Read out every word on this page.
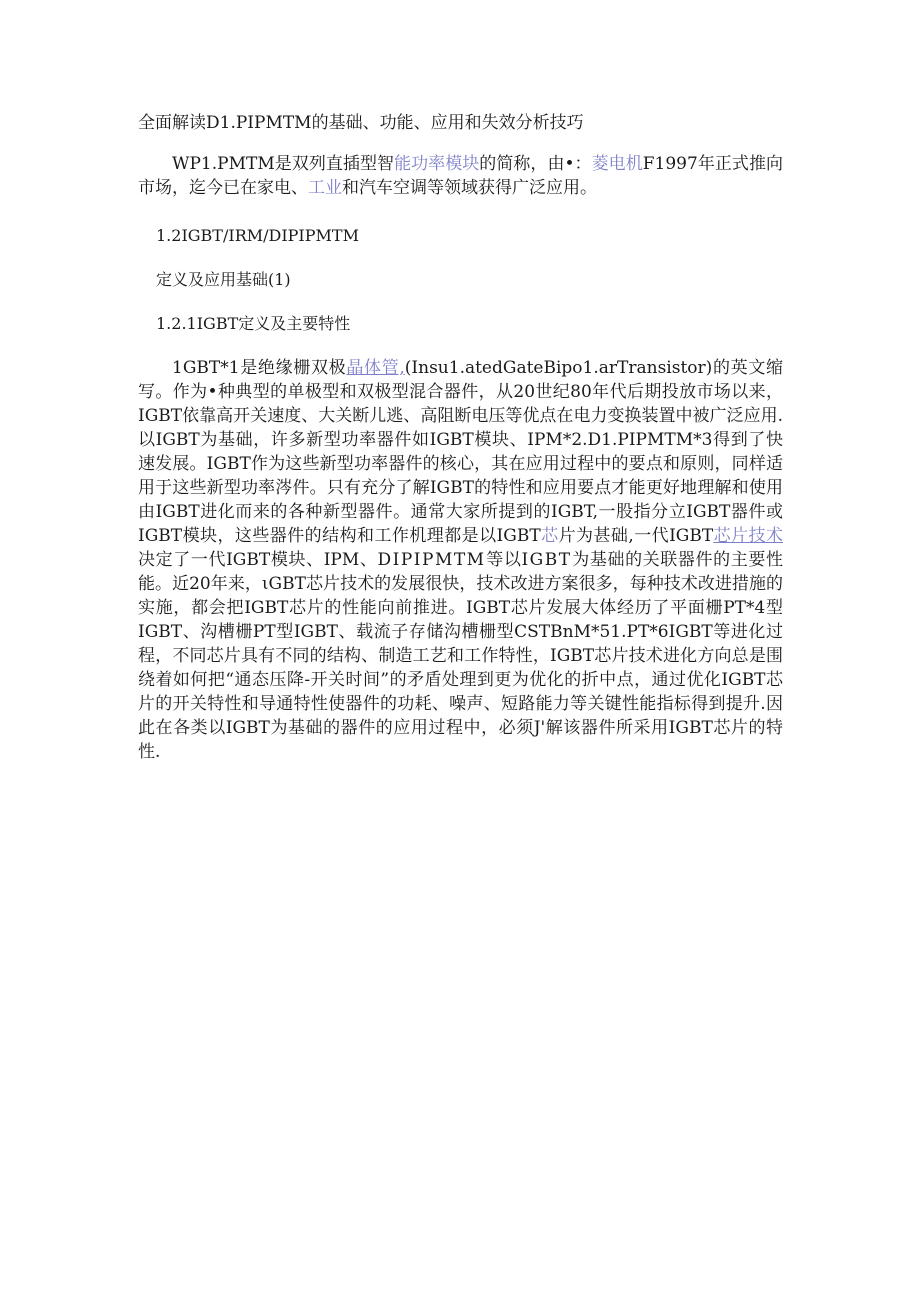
全面解读D1.PIPMTM的基础、功能、应用和失效分析技巧

WP1.PMTM是双列直插型智能功率模块的简称，由•：菱电机F1997年正式推向市场，迄今已在家电、工业和汽车空调等领域获得广泛应用。

1.2IGBT/IRM/DIPIPMTM
定义及应用基础(1)
1.2.1IGBT定义及主要特性

1GBT*1是绝缘栅双极晶体管,(Insu1.atedGateBipo1.arTransistor)的英文缩写。作为•种典型的单极型和双极型混合器件，从20世纪80年代后期投放市场以来，IGBT依靠高开关速度、大关断儿逃、高阻断电压等优点在电力变换装置中被广泛应用.以IGBT为基础，许多新型功率器件如IGBT模块、IPM*2.D1.PIPMTM*3得到了快速发展。IGBT作为这些新型功率器件的核心，其在应用过程中的要点和原则，同样适用于这些新型功率涔件。只有充分了解IGBT的特性和应用要点才能更好地理解和使用由IGBT进化而来的各种新型器件。通常大家所提到的IGBT,一股指分立IGBT器件或IGBT模块，这些器件的结构和工作机理都是以IGBT芯片为甚础,一代IGBT芯片技术决定了一代IGBT模块、IPM、DIPIPMTM等以IGBT为基础的关联器件的主要性能。近20年来，ιGBT芯片技术的发展很快，技术改进方案很多，每种技术改进措施的实施，都会把IGBT芯片的性能向前推进。IGBT芯片发展大体经历了平面栅PT*4型IGBT、沟槽栅PT型IGBT、载流子存储沟槽栅型CSTBnM*51.PT*6IGBT等进化过程，不同芯片具有不同的结构、制造工艺和工作特性，IGBT芯片技术进化方向总是围绕着如何把“通态压降-开关时间”的矛盾处理到更为优化的折中点，通过优化IGBT芯片的开关特性和导通特性使器件的功耗、噪声、短路能力等关键性能指标得到提升.因此在各类以IGBT为基础的器件的应用过程中，必须J'解该器件所采用IGBT芯片的特性.
